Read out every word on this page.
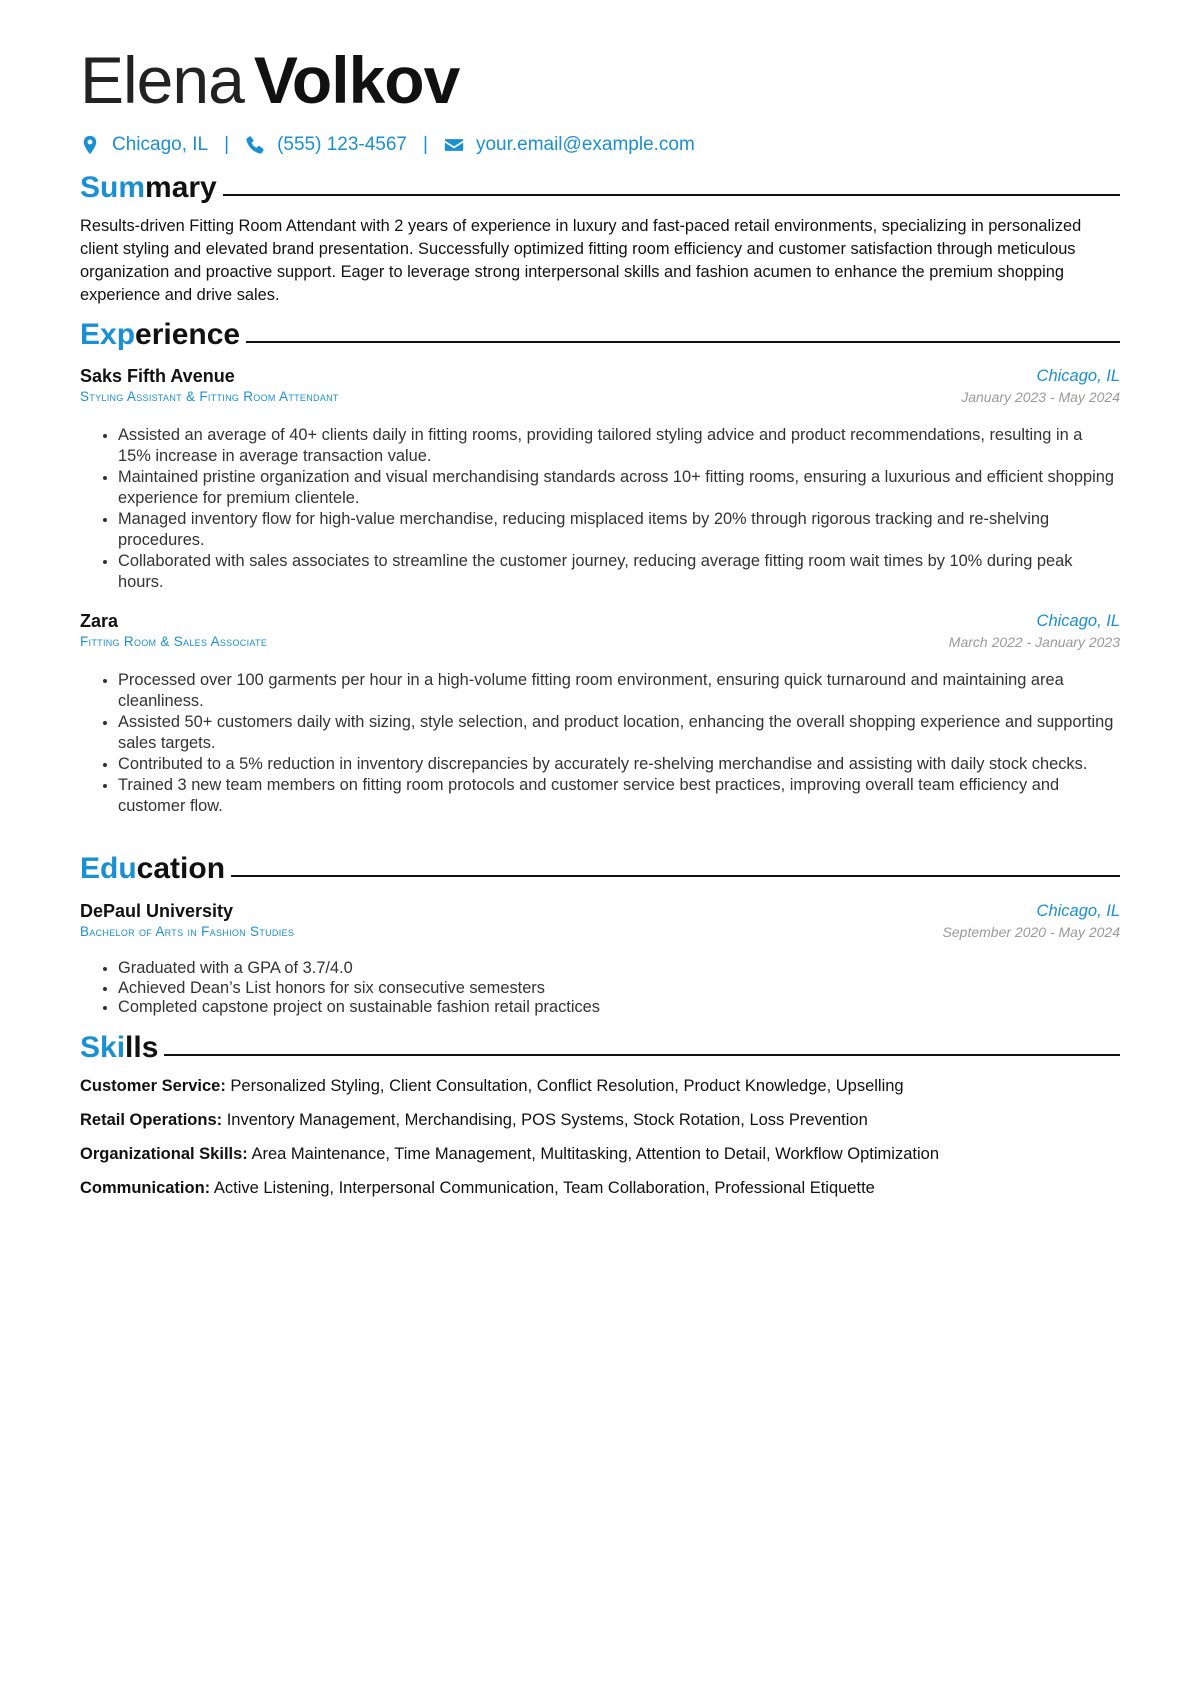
Elena Volkov
Chicago, IL |	(555) 123-4567 |	your.email@example.com
Summary
Results-driven Fitting Room Attendant with 2 years of experience in luxury and fast-paced retail environments, specializing in personalized client styling and elevated brand presentation. Successfully optimized fitting room efficiency and customer satisfaction through meticulous organization and proactive support. Eager to leverage strong interpersonal skills and fashion acumen to enhance the premium shopping experience and drive sales.
Experience
Saks Fifth Avenue	Chicago, IL
Styling Assistant & Fitting Room Attendant	January 2023 - May 2024
• Assisted an average of 40+ clients daily in fitting rooms, providing tailored styling advice and product recommendations, resulting in a 15% increase in average transaction value.
• Maintained pristine organization and visual merchandising standards across 10+ fitting rooms, ensuring a luxurious and efficient shopping experience for premium clientele.
• Managed inventory flow for high-value merchandise, reducing misplaced items by 20% through rigorous tracking and re-shelving procedures.
• Collaborated with sales associates to streamline the customer journey, reducing average fitting room wait times by 10% during peak hours.
Zara	Chicago, IL
Fitting Room & Sales Associate	March 2022 - January 2023
• Processed over 100 garments per hour in a high-volume fitting room environment, ensuring quick turnaround and maintaining area cleanliness.
• Assisted 50+ customers daily with sizing, style selection, and product location, enhancing the overall shopping experience and supporting sales targets.
• Contributed to a 5% reduction in inventory discrepancies by accurately re-shelving merchandise and assisting with daily stock checks.
• Trained 3 new team members on fitting room protocols and customer service best practices, improving overall team efficiency and customer flow.
Education
DePaul University	Chicago, IL
Bachelor of Arts in Fashion Studies	September 2020 - May 2024
• Graduated with a GPA of 3.7/4.0
• Achieved Dean’s List honors for six consecutive semesters
• Completed capstone project on sustainable fashion retail practices
Skills
Customer Service: Personalized Styling, Client Consultation, Conflict Resolution, Product Knowledge, Upselling
Retail Operations: Inventory Management, Merchandising, POS Systems, Stock Rotation, Loss Prevention
Organizational Skills: Area Maintenance, Time Management, Multitasking, Attention to Detail, Workflow Optimization
Communication: Active Listening, Interpersonal Communication, Team Collaboration, Professional Etiquette
